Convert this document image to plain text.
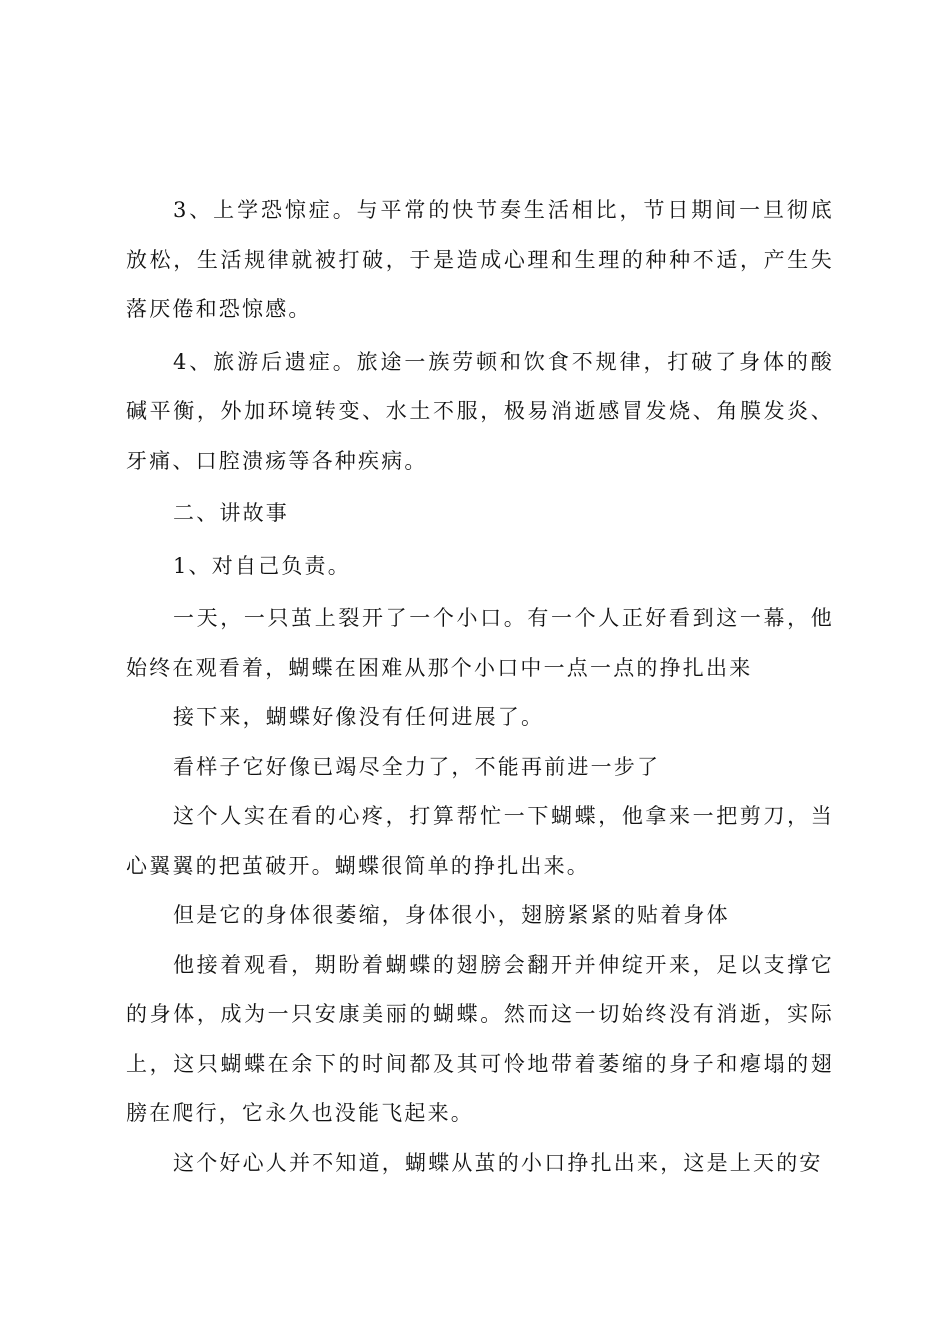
3、上学恐惊症。与平常的快节奏生活相比，节日期间一旦彻底放松，生活规律就被打破，于是造成心理和生理的种种不适，产生失落厌倦和恐惊感。

4、旅游后遗症。旅途一族劳顿和饮食不规律，打破了身体的酸碱平衡，外加环境转变、水土不服，极易消逝感冒发烧、角膜发炎、牙痛、口腔溃疡等各种疾病。

二、讲故事

1、对自己负责。

一天，一只茧上裂开了一个小口。有一个人正好看到这一幕，他始终在观看着，蝴蝶在困难从那个小口中一点一点的挣扎出来

接下来，蝴蝶好像没有任何进展了。

看样子它好像已竭尽全力了，不能再前进一步了

这个人实在看的心疼，打算帮忙一下蝴蝶，他拿来一把剪刀，当心翼翼的把茧破开。蝴蝶很简单的挣扎出来。

但是它的身体很萎缩，身体很小，翅膀紧紧的贴着身体

他接着观看，期盼着蝴蝶的翅膀会翻开并伸绽开来，足以支撑它的身体，成为一只安康美丽的蝴蝶。然而这一切始终没有消逝，实际上，这只蝴蝶在余下的时间都及其可怜地带着萎缩的身子和瘪塌的翅膀在爬行，它永久也没能飞起来。

这个好心人并不知道，蝴蝶从茧的小口挣扎出来，这是上天的安
